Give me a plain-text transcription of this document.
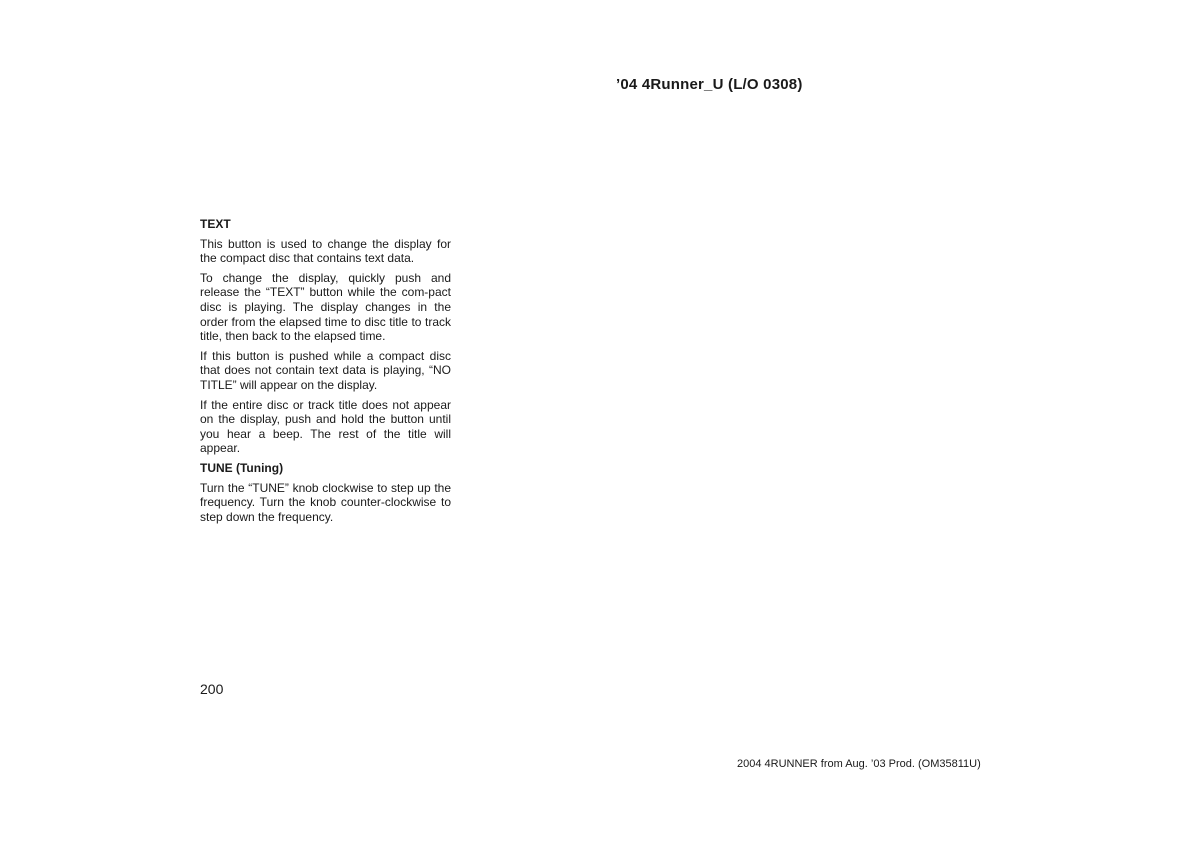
’04 4Runner_U (L/O 0308)
TEXT

This button is used to change the display for the compact disc that contains text data.

To change the display, quickly push and release the “TEXT” button while the com-pact disc is playing. The display changes in the order from the elapsed time to disc title to track title, then back to the elapsed time.

If this button is pushed while a compact disc that does not contain text data is playing, “NO TITLE” will appear on the display.

If the entire disc or track title does not appear on the display, push and hold the button until you hear a beep. The rest of the title will appear.

TUNE (Tuning)

Turn the “TUNE” knob clockwise to step up the frequency. Turn the knob counter-clockwise to step down the frequency.

200
2004 4RUNNER from Aug. ’03 Prod. (OM35811U)
